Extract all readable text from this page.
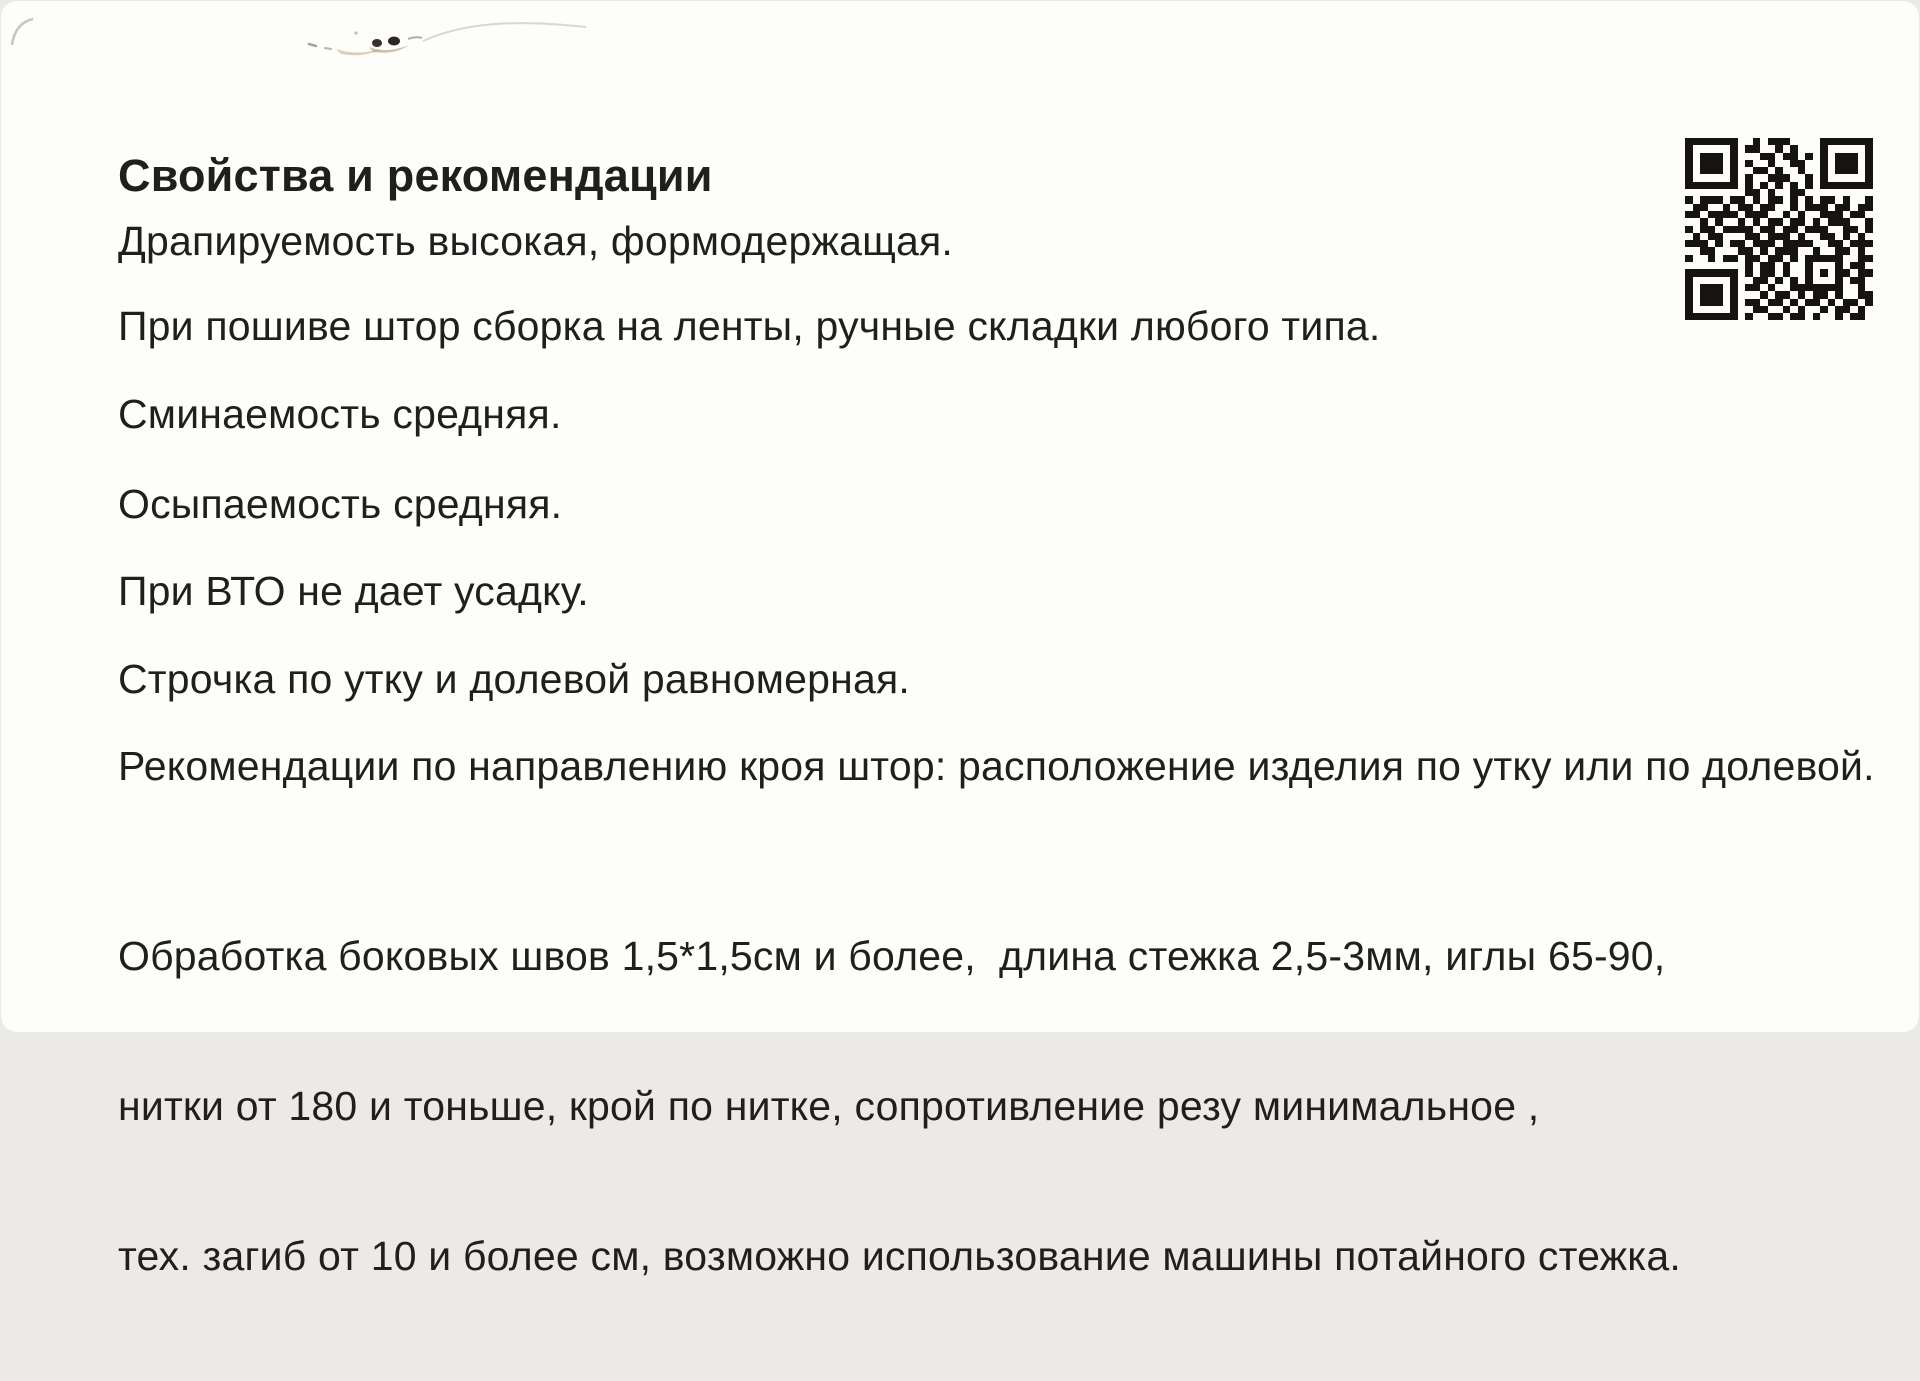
Свойства и рекомендации
Драпируемость высокая, формодержащая.
При пошиве штор сборка на ленты, ручные складки любого типа.
Сминаемость средняя.
Осыпаемость средняя.
При ВТО не дает усадку.
Строчка по утку и долевой равномерная.
Рекомендации по направлению кроя штор: расположение изделия по утку или по долевой.

Обработка боковых швов 1,5*1,5см и более,  длина стежка 2,5-3мм, иглы 65-90,

нитки от 180 и тоньше, крой по нитке, сопротивление резу минимальное ,

тех. загиб от 10 и более см, возможно использование машины потайного стежка.
